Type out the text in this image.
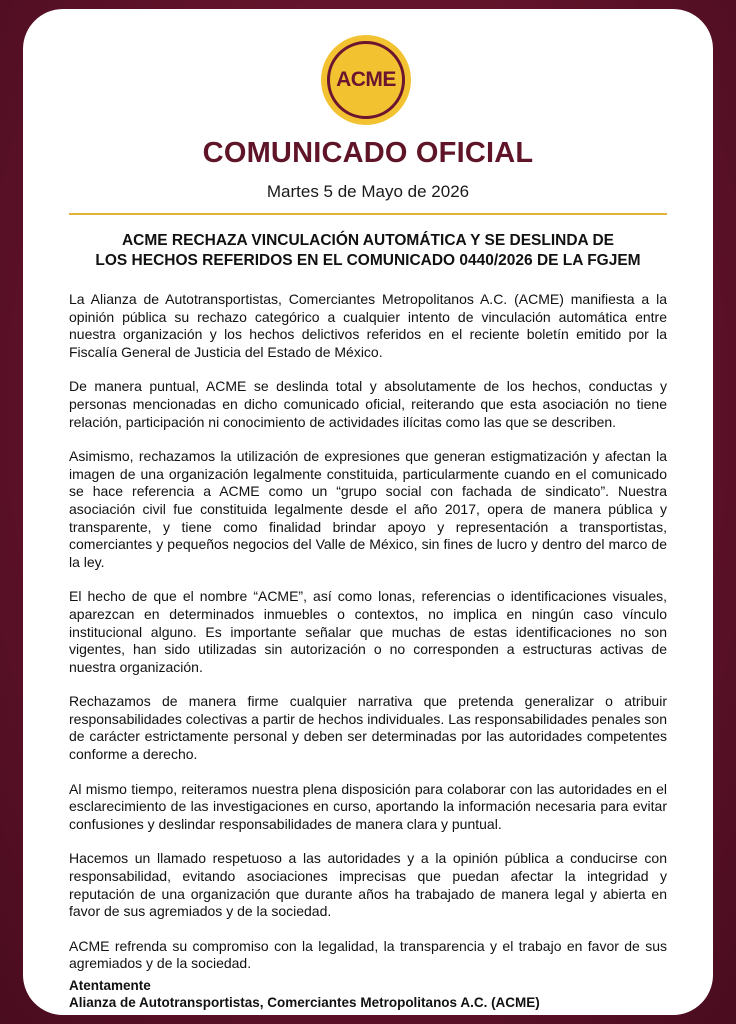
ACME
COMUNICADO OFICIAL
Martes 5 de Mayo de 2026
ACME RECHAZA VINCULACIÓN AUTOMÁTICA Y SE DESLINDA DE
LOS HECHOS REFERIDOS EN EL COMUNICADO 0440/2026 DE LA FGJEM

La Alianza de Autotransportistas, Comerciantes Metropolitanos A.C. (ACME) manifiesta a la opinión pública su rechazo categórico a cualquier intento de vinculación automática entre nuestra organización y los hechos delictivos referidos en el reciente boletín emitido por la Fiscalía General de Justicia del Estado de México.

De manera puntual, ACME se deslinda total y absolutamente de los hechos, conductas y personas mencionadas en dicho comunicado oficial, reiterando que esta asociación no tiene relación, participación ni conocimiento de actividades ilícitas como las que se describen.

Asimismo, rechazamos la utilización de expresiones que generan estigmatización y afectan la imagen de una organización legalmente constituida, particularmente cuando en el comunicado se hace referencia a ACME como un “grupo social con fachada de sindicato”. Nuestra asociación civil fue constituida legalmente desde el año 2017, opera de manera pública y transparente, y tiene como finalidad brindar apoyo y representación a transportistas, comerciantes y pequeños negocios del Valle de México, sin fines de lucro y dentro del marco de la ley.

El hecho de que el nombre “ACME”, así como lonas, referencias o identificaciones visuales, aparezcan en determinados inmuebles o contextos, no implica en ningún caso vínculo institucional alguno. Es importante señalar que muchas de estas identificaciones no son vigentes, han sido utilizadas sin autorización o no corresponden a estructuras activas de nuestra organización.

Rechazamos de manera firme cualquier narrativa que pretenda generalizar o atribuir responsabilidades colectivas a partir de hechos individuales. Las responsabilidades penales son de carácter estrictamente personal y deben ser determinadas por las autoridades competentes conforme a derecho.

Al mismo tiempo, reiteramos nuestra plena disposición para colaborar con las autoridades en el esclarecimiento de las investigaciones en curso, aportando la información necesaria para evitar confusiones y deslindar responsabilidades de manera clara y puntual.

Hacemos un llamado respetuoso a las autoridades y a la opinión pública a conducirse con responsabilidad, evitando asociaciones imprecisas que puedan afectar la integridad y reputación de una organización que durante años ha trabajado de manera legal y abierta en favor de sus agremiados y de la sociedad.

ACME refrenda su compromiso con la legalidad, la transparencia y el trabajo en favor de sus agremiados y de la sociedad.

Atentamente
Alianza de Autotransportistas, Comerciantes Metropolitanos A.C. (ACME)
